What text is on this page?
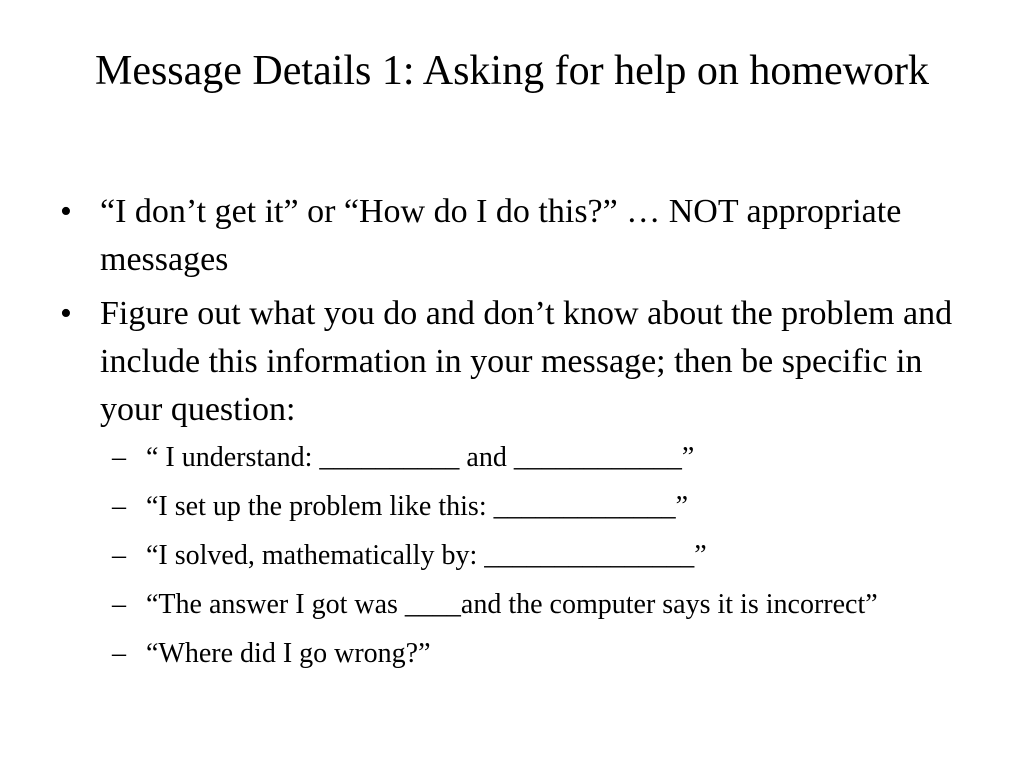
Message Details 1: Asking for help on homework
• “I don’t get it” or “How do I do this?” … NOT appropriate messages
• Figure out what you do and don’t know about the problem and include this information in your message; then be specific in your question:
– “ I understand: __________ and ____________”
– “I set up the problem like this: _____________”
– “I solved, mathematically by: _______________”
– “The answer I got was ____and the computer says it is incorrect”
– “Where did I go wrong?”
